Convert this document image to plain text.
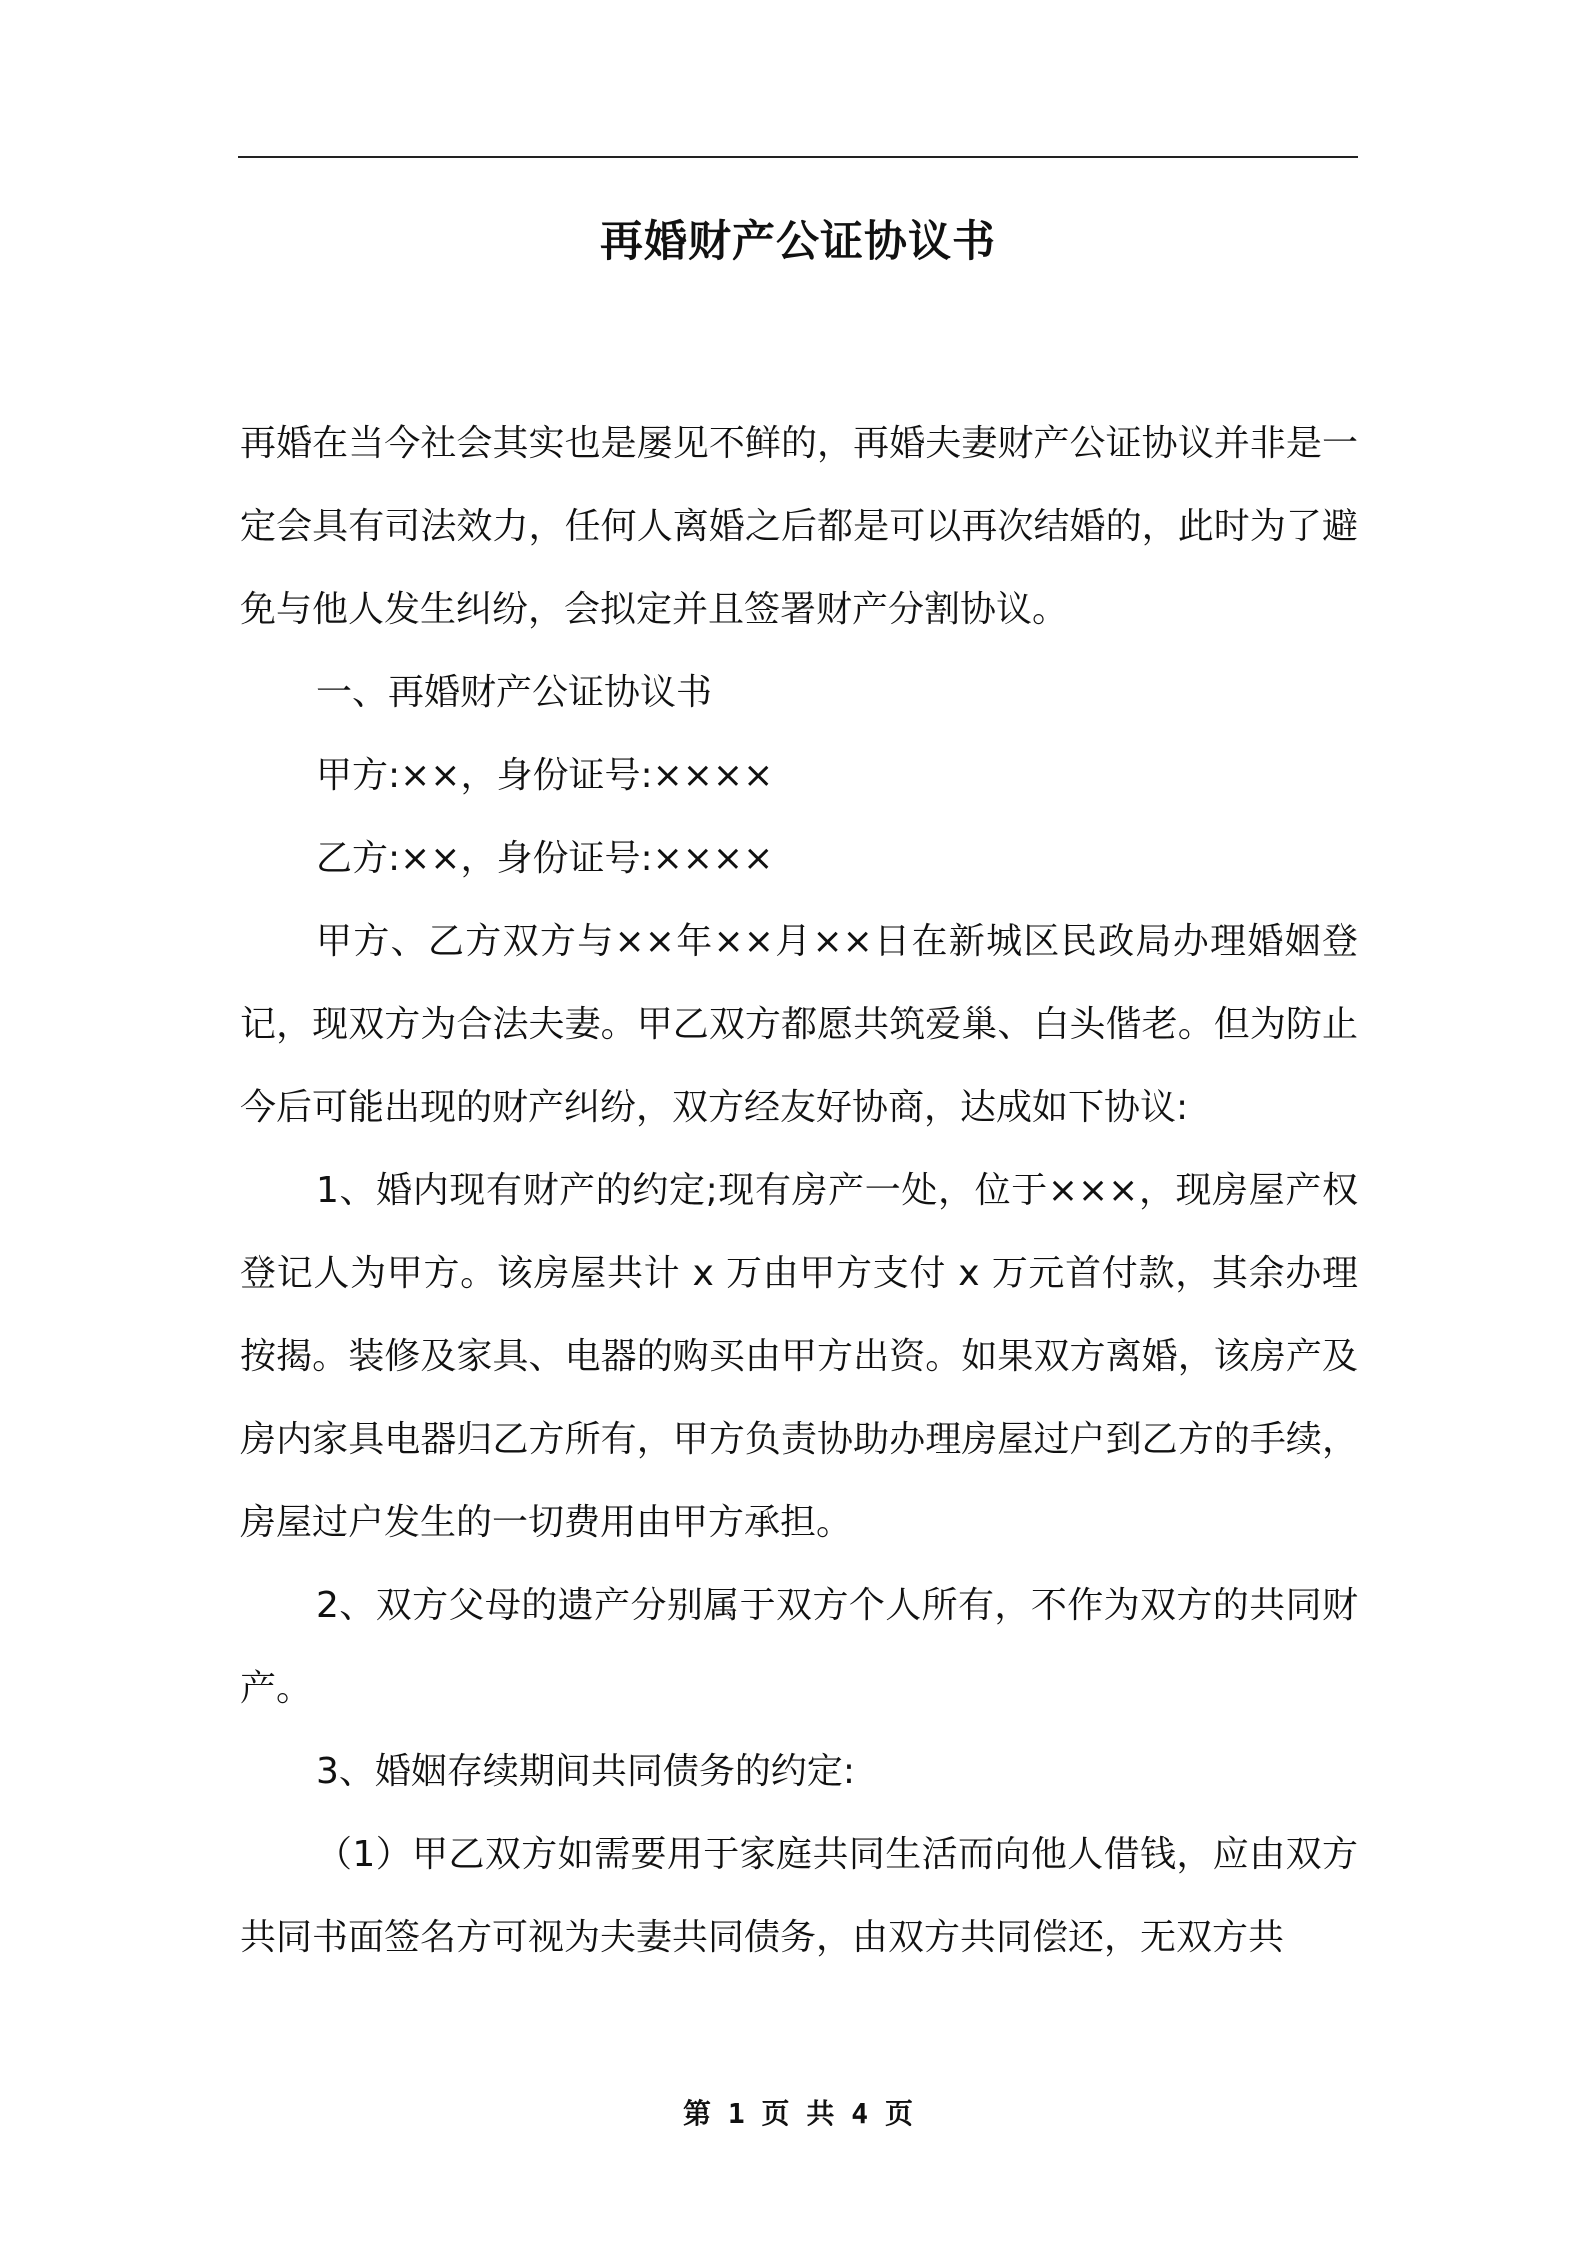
再婚财产公证协议书

再婚在当今社会其实也是屡见不鲜的，再婚夫妻财产公证协议并非是一定会具有司法效力，任何人离婚之后都是可以再次结婚的，此时为了避免与他人发生纠纷，会拟定并且签署财产分割协议。

一、再婚财产公证协议书

甲方:××，身份证号:××××

乙方:××，身份证号:××××

甲方、乙方双方与××年××月××日在新城区民政局办理婚姻登记，现双方为合法夫妻。甲乙双方都愿共筑爱巢、白头偕老。但为防止今后可能出现的财产纠纷，双方经友好协商，达成如下协议:

1、婚内现有财产的约定;现有房产一处，位于×××，现房屋产权登记人为甲方。该房屋共计 x 万由甲方支付 x 万元首付款，其余办理按揭。装修及家具、电器的购买由甲方出资。如果双方离婚，该房产及房内家具电器归乙方所有，甲方负责协助办理房屋过户到乙方的手续，房屋过户发生的一切费用由甲方承担。

2、双方父母的遗产分别属于双方个人所有，不作为双方的共同财产。

3、婚姻存续期间共同债务的约定:

（1）甲乙双方如需要用于家庭共同生活而向他人借钱，应由双方共同书面签名方可视为夫妻共同债务，由双方共同偿还，无双方共

第 1 页 共 4 页
